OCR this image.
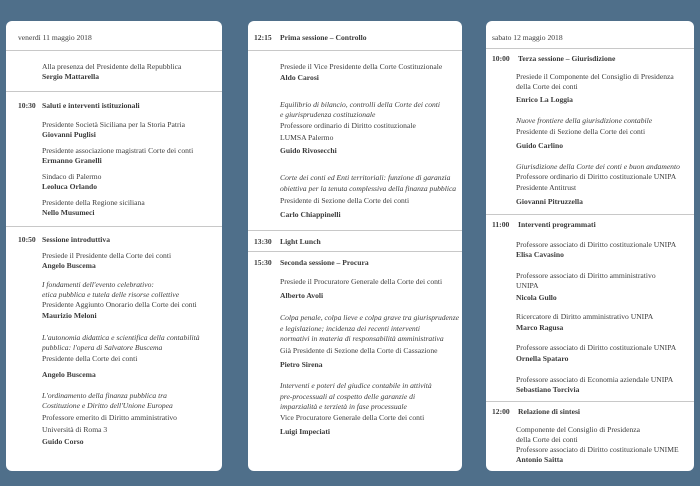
venerdì 11 maggio 2018
Alla presenza del Presidente della Repubblica
Sergio Mattarella
10:30 Saluti e interventi istituzionali
Presidente Società Siciliana per la Storia Patria
Giovanni Puglisi
Presidente associazione magistrati Corte dei conti
Ermanno Granelli
Sindaco di Palermo
Leoluca Orlando
Presidente della Regione siciliana
Nello Musumeci
10:50 Sessione introduttiva
Presiede il Presidente della Corte dei conti
Angelo Buscema
I fondamenti dell'evento celebrativo:
etica pubblica e tutela delle risorse collettive
Presidente Aggiunto Onorario della Corte dei conti
Maurizio Meloni
L'autonomia didattica e scientifica della contabilità
pubblica: l'opera di Salvatore Buscema
Presidente della Corte dei conti
Angelo Buscema
L'ordinamento della finanza pubblica tra
Costituzione e Diritto dell'Unione Europea
Professore emerito di Diritto amministrativo
Università di Roma 3
Guido Corso
12:15 Prima sessione – Controllo
Presiede il Vice Presidente della Corte Costituzionale
Aldo Carosi
Equilibrio di bilancio, controlli della Corte dei conti
e giurisprudenza costituzionale
Professore ordinario di Diritto costituzionale
LUMSA Palermo
Guido Rivosecchi
Corte dei conti ed Enti territoriali: funzione di garanzia
obiettiva per la tenuta complessiva della finanza pubblica
Presidente di Sezione della Corte dei conti
Carlo Chiappinelli
13:30 Light Lunch
15:30 Seconda sessione – Procura
Presiede il Procuratore Generale della Corte dei conti
Alberto Avoli
Colpa penale, colpa lieve e colpa grave tra giurisprudenze
e legislazione; incidenza dei recenti interventi
normativi in materia di responsabilità amministrativa
Già Presidente di Sezione della Corte di Cassazione
Pietro Sirena
Interventi e poteri del giudice contabile in attività
pre-processuali al cospetto delle garanzie di
imparzialità e terzietà in fase processuale
Vice Procuratore Generale della Corte dei conti
Luigi Impeciati
sabato 12 maggio 2018
10:00 Terza sessione – Giurisdizione
Presiede il Componente del Consiglio di Presidenza
della Corte dei conti
Enrico La Loggia
Nuove frontiere della giurisdizione contabile
Presidente di Sezione della Corte dei conti
Guido Carlino
Giurisdizione della Corte dei conti e buon andamento
Professore ordinario di Diritto costituzionale UNIPA
Presidente Antitrust
Giovanni Pitruzzella
11:00 Interventi programmati
Professore associato di Diritto costituzionale UNIPA
Elisa Cavasino
Professore associato di Diritto amministrativo
UNIPA
Nicola Gullo
Ricercatore di Diritto amministrativo UNIPA
Marco Ragusa
Professore associato di Diritto costituzionale UNIPA
Ornella Spataro
Professore associato di Economia aziendale UNIPA
Sebastiano Torcivia
12:00 Relazione di sintesi
Componente del Consiglio di Presidenza
della Corte dei conti
Professore associato di Diritto costituzionale UNIME
Antonio Saitta
